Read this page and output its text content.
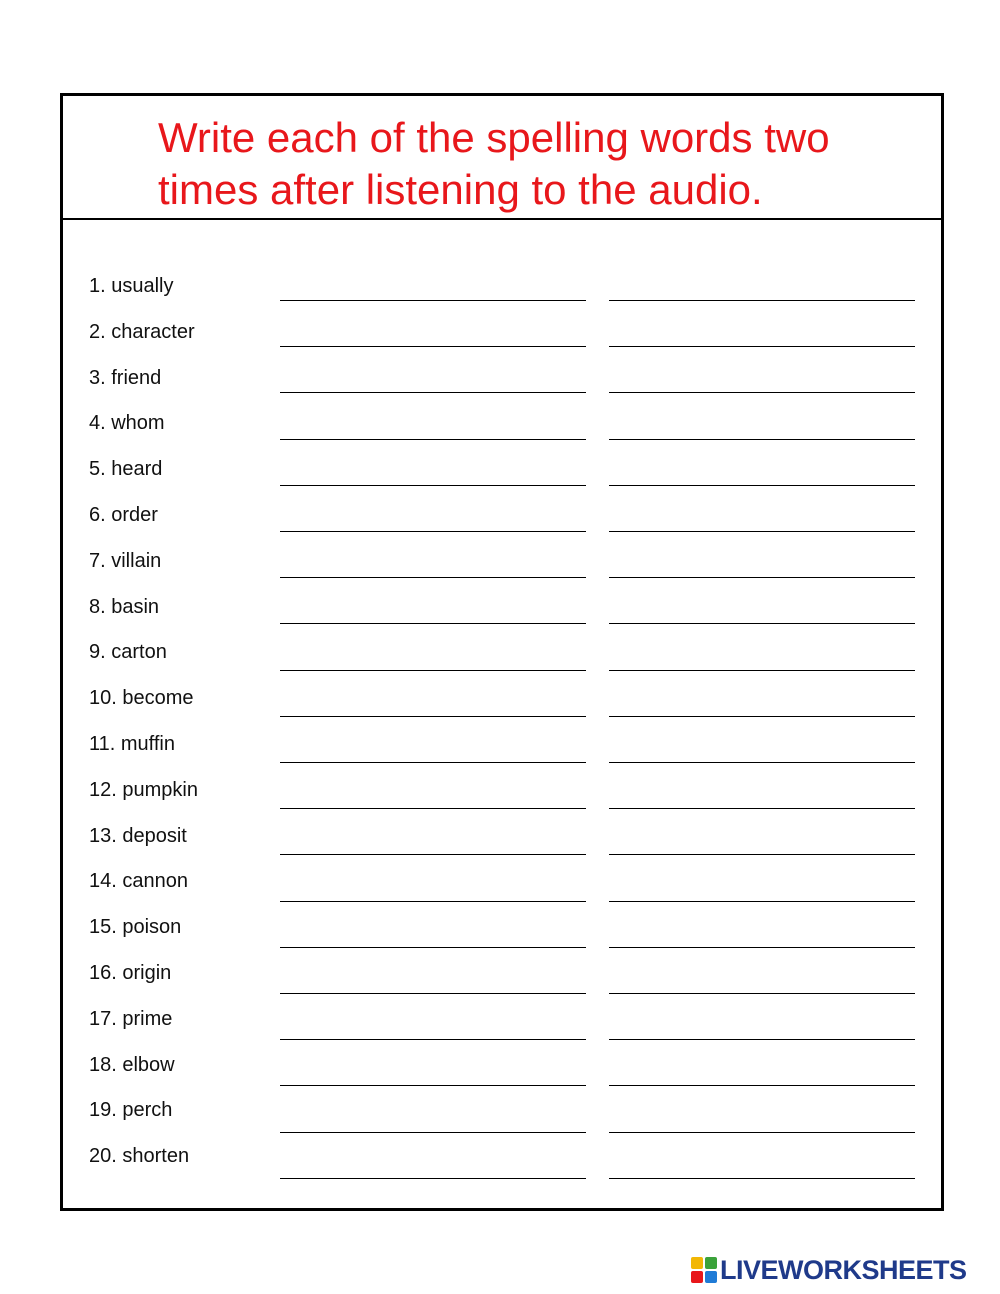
Write each of the spelling words two
times after listening to the audio.
1. usually
2. character
3. friend
4. whom
5. heard
6. order
7. villain
8. basin
9. carton
10. become
11. muffin
12. pumpkin
13. deposit
14. cannon
15. poison
16. origin
17. prime
18. elbow
19. perch
20. shorten
LIVEWORKSHEETS
